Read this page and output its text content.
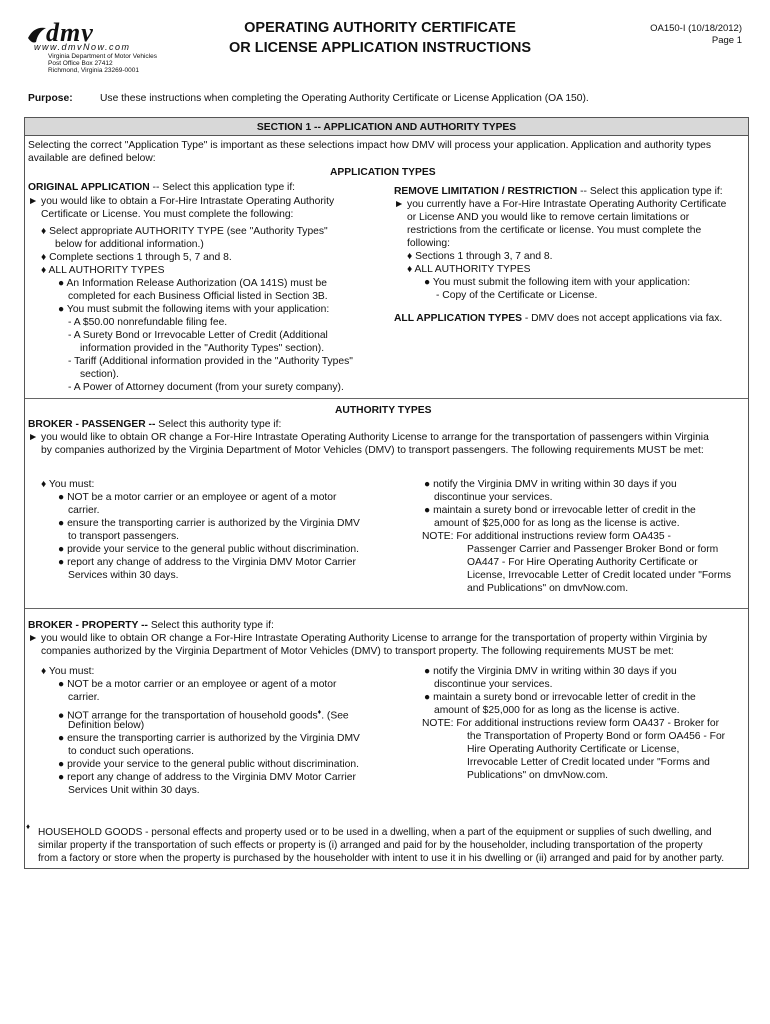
dmv
www.dmvNow.com
Virginia Department of Motor Vehicles
Post Office Box 27412
Richmond, Virginia 23269-0001
OPERATING AUTHORITY CERTIFICATE
OR LICENSE APPLICATION INSTRUCTIONS
OA150-I (10/18/2012)
Page 1
Purpose:	Use these instructions when completing the Operating Authority Certificate or License Application (OA 150).
SECTION 1 -- APPLICATION AND AUTHORITY TYPES
Selecting the correct "Application Type" is important as these selections impact how DMV will process your application. Application and authority types
available are defined below:
APPLICATION TYPES
ORIGINAL APPLICATION -- Select this application type if:
► you would like to obtain a For-Hire Intrastate Operating Authority
Certificate or License. You must complete the following:
♦ Select appropriate AUTHORITY TYPE (see "Authority Types"
below for additional information.)
♦ Complete sections 1 through 5, 7 and 8.
♦ ALL AUTHORITY TYPES
● An Information Release Authorization (OA 141S) must be
completed for each Business Official listed in Section 3B.
● You must submit the following items with your application:
- A $50.00 nonrefundable filing fee.
- A Surety Bond or Irrevocable Letter of Credit (Additional
information provided in the "Authority Types" section).
- Tariff (Additional information provided in the "Authority Types"
section).
- A Power of Attorney document (from your surety company).
REMOVE LIMITATION / RESTRICTION -- Select this application type if:
► you currently have a For-Hire Intrastate Operating Authority Certificate
or License AND you would like to remove certain limitations or
restrictions from the certificate or license. You must complete the
following:
♦ Sections 1 through 3, 7 and 8.
♦ ALL AUTHORITY TYPES
● You must submit the following item with your application:
- Copy of the Certificate or License.
ALL APPLICATION TYPES - DMV does not accept applications via fax.
AUTHORITY TYPES
BROKER - PASSENGER -- Select this authority type if:
► you would like to obtain OR change a For-Hire Intrastate Operating Authority License to arrange for the transportation of passengers within Virginia
by companies authorized by the Virginia Department of Motor Vehicles (DMV) to transport passengers. The following requirements MUST be met:
♦ You must:
● NOT be a motor carrier or an employee or agent of a motor
carrier.
● ensure the transporting carrier is authorized by the Virginia DMV
to transport passengers.
● provide your service to the general public without discrimination.
● report any change of address to the Virginia DMV Motor Carrier
Services within 30 days.
● notify the Virginia DMV in writing within 30 days if you
discontinue your services.
● maintain a surety bond or irrevocable letter of credit in the
amount of $25,000 for as long as the license is active.
NOTE: For additional instructions review form OA435 -
Passenger Carrier and Passenger Broker Bond or form
OA447 - For Hire Operating Authority Certificate or
License, Irrevocable Letter of Credit located under "Forms
and Publications" on dmvNow.com.
BROKER - PROPERTY -- Select this authority type if:
► you would like to obtain OR change a For-Hire Intrastate Operating Authority License to arrange for the transportation of property within Virginia by
companies authorized by the Virginia Department of Motor Vehicles (DMV) to transport property. The following requirements MUST be met:
♦ You must:
● NOT be a motor carrier or an employee or agent of a motor
carrier.
● NOT arrange for the transportation of household goods♦. (See
Definition below)
● ensure the transporting carrier is authorized by the Virginia DMV
to conduct such operations.
● provide your service to the general public without discrimination.
● report any change of address to the Virginia DMV Motor Carrier
Services Unit within 30 days.
● notify the Virginia DMV in writing within 30 days if you
discontinue your services.
● maintain a surety bond or irrevocable letter of credit in the
amount of $25,000 for as long as the license is active.
NOTE: For additional instructions review form OA437 - Broker for
the Transportation of Property Bond or form OA456 - For
Hire Operating Authority Certificate or License,
Irrevocable Letter of Credit located under "Forms and
Publications" on dmvNow.com.
♦
HOUSEHOLD GOODS - personal effects and property used or to be used in a dwelling, when a part of the equipment or supplies of such dwelling, and
similar property if the transportation of such effects or property is (i) arranged and paid for by the householder, including transportation of the property
from a factory or store when the property is purchased by the householder with intent to use it in his dwelling or (ii) arranged and paid for by another party.
